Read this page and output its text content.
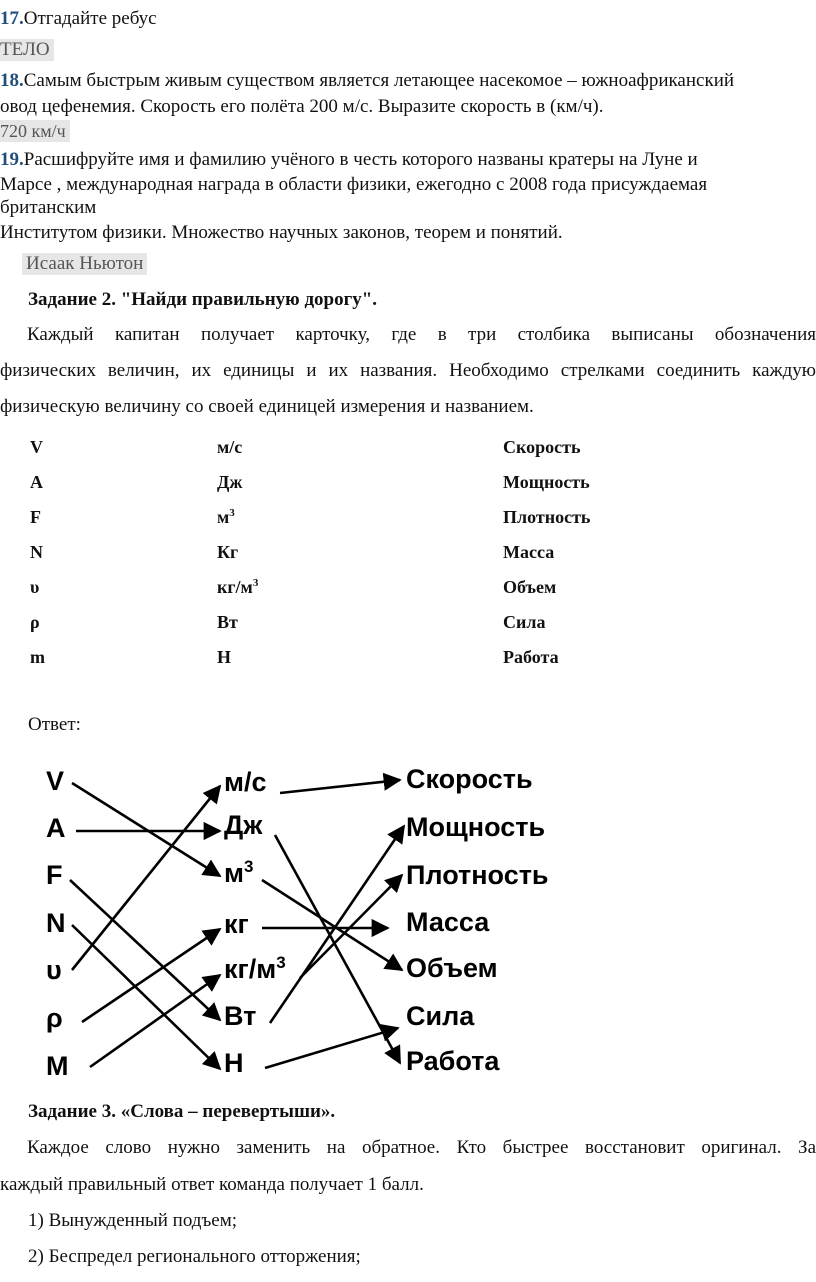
17.Отгадайте ребус
ТЕЛО
18.Самым быстрым живым существом является летающее насекомое – южноафриканский
овод цефенемия. Скорость его полёта 200 м/с. Выразите скорость в (км/ч).
720 км/ч
19.Расшифруйте имя и фамилию учёного в честь которого названы кратеры на Луне и
Марсе , международная награда в области физики, ежегодно с 2008 года присуждаемая
британским
Институтом физики. Множество научных законов, теорем и понятий.
Исаак Ньютон
Задание 2. "Найди правильную дорогу".
Каждый капитан получает карточку, где в три столбика выписаны обозначения
физических величин, их единицы и их названия. Необходимо стрелками соединить каждую
физическую величину со своей единицей измерения и названием.
V
A
F
N
υ
ρ
m
м/с
Дж
$м^3$
Кг
$кг/м^3$
Вт
Н
Скорость
Мощность
Плотность
Масса
Объем
Сила
Работа
Ответ:
V
A
F
N
υ
ρ
M
м/с
Дж
$м^3$
кг
$кг/м^3$
Вт
Н
Скорость
Мощность
Плотность
Масса
Объем
Сила
Работа
Задание 3. «Слова – перевертыши».
Каждое слово нужно заменить на обратное. Кто быстрее восстановит оригинал. За
каждый правильный ответ команда получает 1 балл.
1) Вынужденный подъем;
2) Беспредел регионального отторжения;
